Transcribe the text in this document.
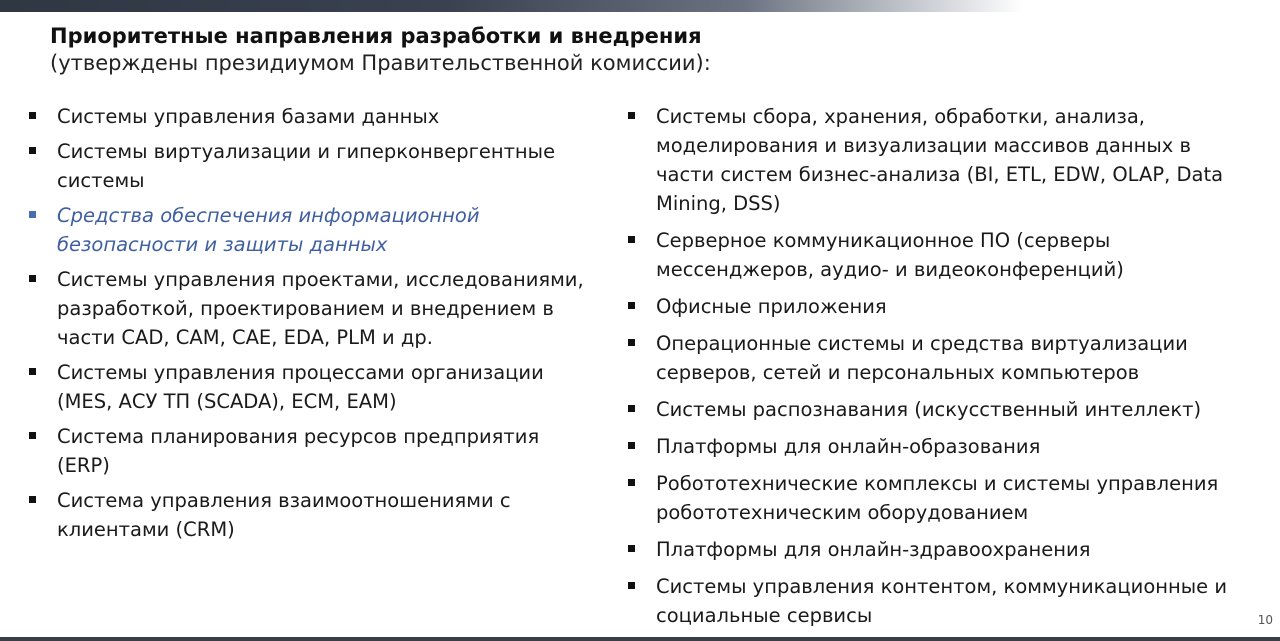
Приоритетные направления разработки и внедрения
(утверждены президиумом Правительственной комиссии):
Системы управления базами данных
Системы виртуализации и гиперконвергентные системы
Средства обеспечения информационной безопасности и защиты данных
Системы управления проектами, исследованиями, разработкой, проектированием и внедрением в части CAD, CAM, CAE, EDA, PLM и др.
Системы управления процессами организации (MES, АСУ ТП (SCADA), ECM, EAM)
Система планирования ресурсов предприятия (ERP)
Система управления взаимоотношениями с клиентами (CRM)
Системы сбора, хранения, обработки, анализа, моделирования и визуализации массивов данных в части систем бизнес-анализа (BI, ETL, EDW, OLAP, Data Mining, DSS)
Серверное коммуникационное ПО (серверы мессенджеров, аудио- и видеоконференций)
Офисные приложения
Операционные системы и средства виртуализации серверов, сетей и персональных компьютеров
Системы распознавания (искусственный интеллект)
Платформы для онлайн-образования
Робототехнические комплексы и системы управления робототехническим оборудованием
Платформы для онлайн-здравоохранения
Системы управления контентом, коммуникационные и социальные сервисы	10
